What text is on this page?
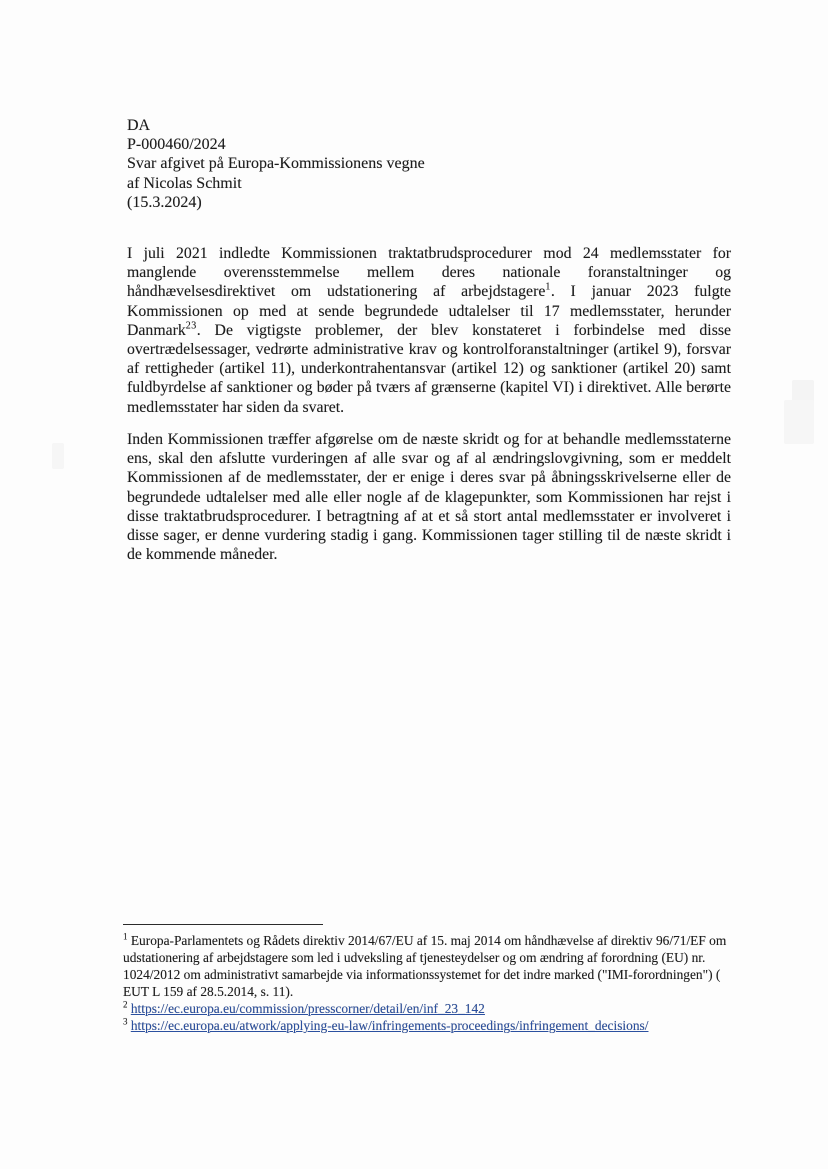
DA
P-000460/2024
Svar afgivet på Europa-Kommissionens vegne
af Nicolas Schmit
(15.3.2024)

I juli 2021 indledte Kommissionen traktatbrudsprocedurer mod 24 medlemsstater for manglende overensstemmelse mellem deres nationale foranstaltninger og håndhævelsesdirektivet om udstationering af arbejdstagere$^1$. I januar 2023 fulgte Kommissionen op med at sende begrundede udtalelser til 17 medlemsstater, herunder Danmark$^{23}$. De vigtigste problemer, der blev konstateret i forbindelse med disse overtrædelsessager, vedrørte administrative krav og kontrolforanstaltninger (artikel 9), forsvar af rettigheder (artikel 11), underkontrahentansvar (artikel 12) og sanktioner (artikel 20) samt fuldbyrdelse af sanktioner og bøder på tværs af grænserne (kapitel VI) i direktivet. Alle berørte medlemsstater har siden da svaret.

Inden Kommissionen træffer afgørelse om de næste skridt og for at behandle medlemsstaterne ens, skal den afslutte vurderingen af alle svar og af al ændringslovgivning, som er meddelt Kommissionen af de medlemsstater, der er enige i deres svar på åbningsskrivelserne eller de begrundede udtalelser med alle eller nogle af de klagepunkter, som Kommissionen har rejst i disse traktatbrudsprocedurer. I betragtning af at et så stort antal medlemsstater er involveret i disse sager, er denne vurdering stadig i gang. Kommissionen tager stilling til de næste skridt i de kommende måneder.

$^1$ Europa-Parlamentets og Rådets direktiv 2014/67/EU af 15. maj 2014 om håndhævelse af direktiv 96/71/EF om udstationering af arbejdstagere som led i udveksling af tjenesteydelser og om ændring af forordning (EU) nr. 1024/2012 om administrativt samarbejde via informationssystemet for det indre marked ("IMI-forordningen") ( EUT L 159 af 28.5.2014, s. 11).
$^2$ https://ec.europa.eu/commission/presscorner/detail/en/inf_23_142
$^3$ https://ec.europa.eu/atwork/applying-eu-law/infringements-proceedings/infringement_decisions/
